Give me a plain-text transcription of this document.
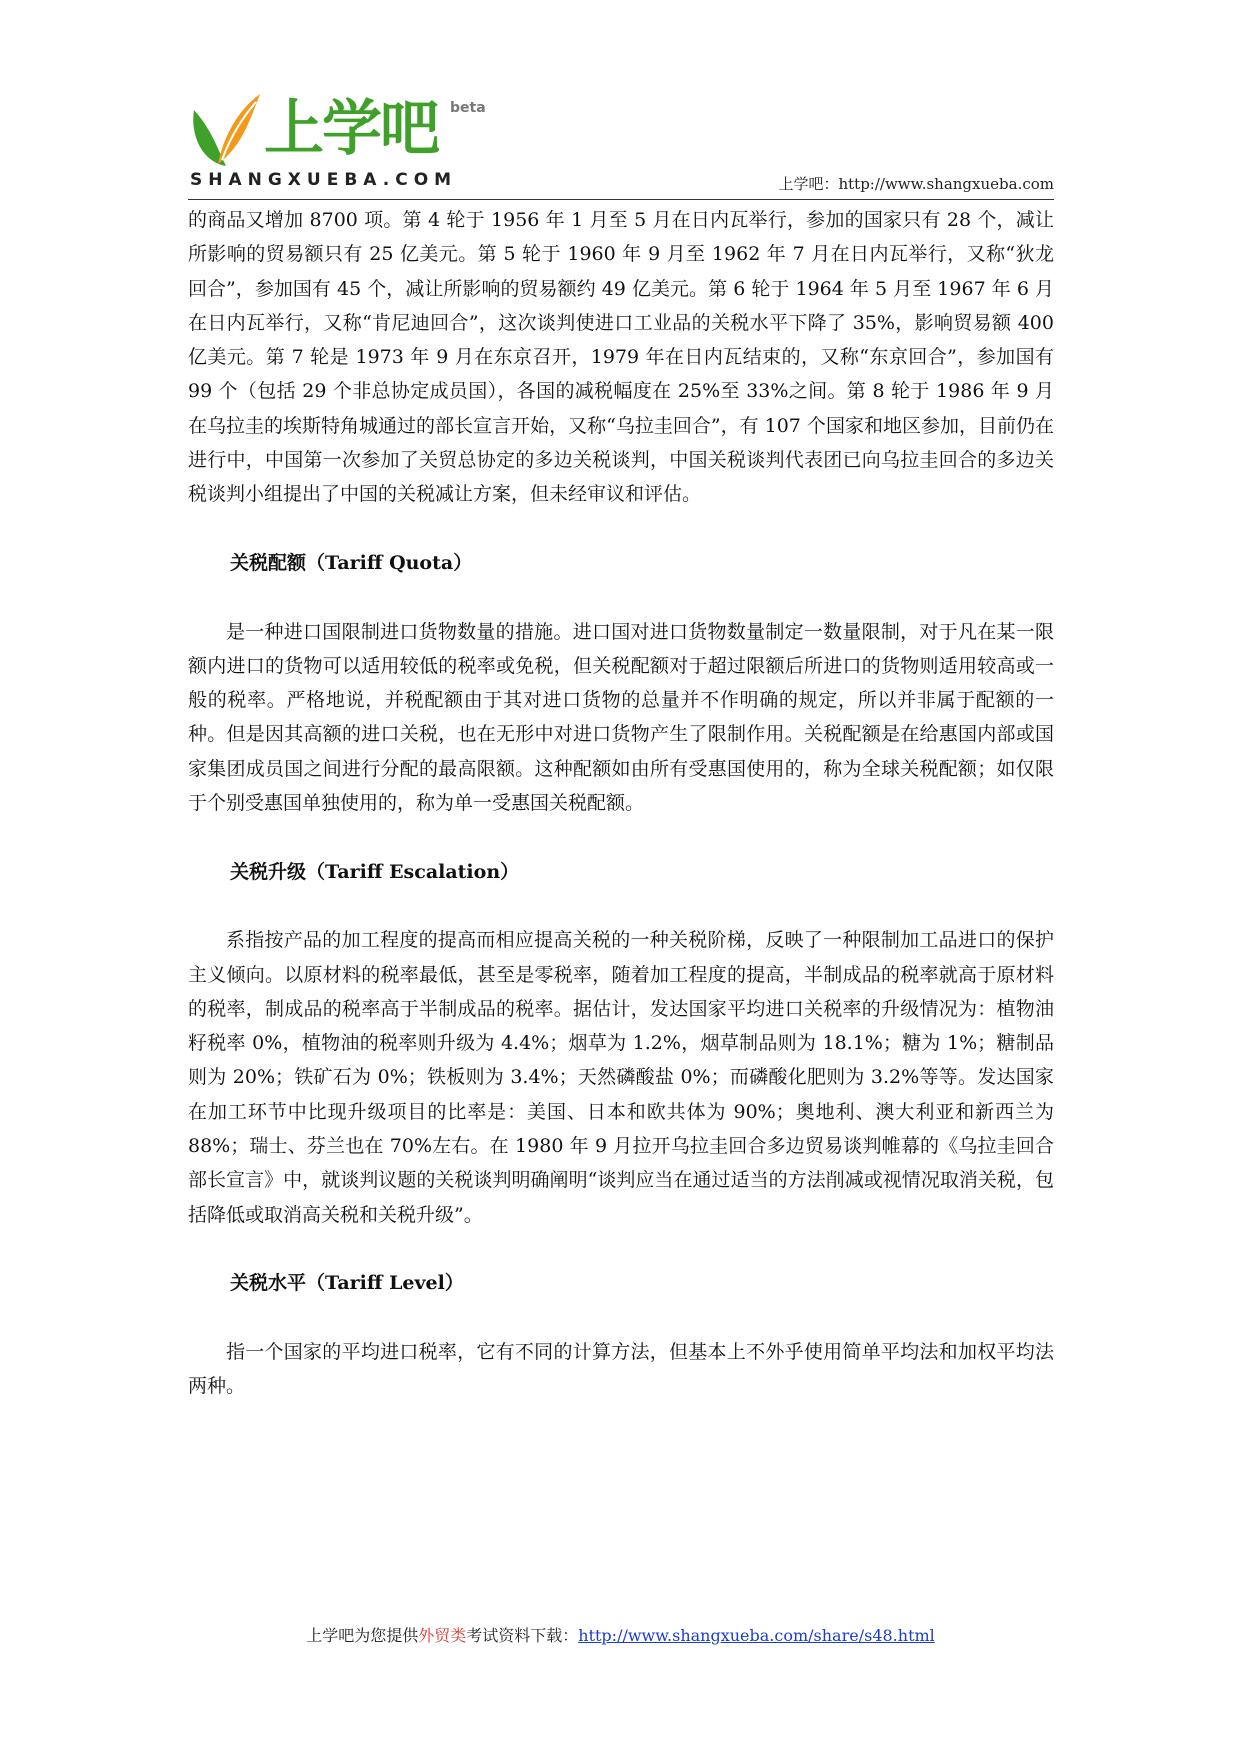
上学吧 beta
SHANGXUEBA.COM	上学吧：http://www.shangxueba.com

的商品又增加 8700 项。第 4 轮于 1956 年 1 月至 5 月在日内瓦举行，参加的国家只有 28 个，减让所影响的贸易额只有 25 亿美元。第 5 轮于 1960 年 9 月至 1962 年 7 月在日内瓦举行，又称“狄龙回合”，参加国有 45 个，减让所影响的贸易额约 49 亿美元。第 6 轮于 1964 年 5 月至 1967 年 6 月在日内瓦举行，又称“肯尼迪回合”，这次谈判使进口工业品的关税水平下降了 35%，影响贸易额 400 亿美元。第 7 轮是 1973 年 9 月在东京召开，1979 年在日内瓦结束的，又称“东京回合”，参加国有 99 个（包括 29 个非总协定成员国），各国的减税幅度在 25%至 33%之间。第 8 轮于 1986 年 9 月在乌拉圭的埃斯特角城通过的部长宣言开始，又称“乌拉圭回合”，有 107 个国家和地区参加，目前仍在进行中，中国第一次参加了关贸总协定的多边关税谈判，中国关税谈判代表团已向乌拉圭回合的多边关税谈判小组提出了中国的关税减让方案，但未经审议和评估。

关税配额（Tariff Quota）

是一种进口国限制进口货物数量的措施。进口国对进口货物数量制定一数量限制，对于凡在某一限额内进口的货物可以适用较低的税率或免税，但关税配额对于超过限额后所进口的货物则适用较高或一般的税率。严格地说，并税配额由于其对进口货物的总量并不作明确的规定，所以并非属于配额的一种。但是因其高额的进口关税，也在无形中对进口货物产生了限制作用。关税配额是在给惠国内部或国家集团成员国之间进行分配的最高限额。这种配额如由所有受惠国使用的，称为全球关税配额；如仅限于个别受惠国单独使用的，称为单一受惠国关税配额。

关税升级（Tariff Escalation）

系指按产品的加工程度的提高而相应提高关税的一种关税阶梯，反映了一种限制加工品进口的保护主义倾向。以原材料的税率最低，甚至是零税率，随着加工程度的提高，半制成品的税率就高于原材料的税率，制成品的税率高于半制成品的税率。据估计，发达国家平均进口关税率的升级情况为：植物油籽税率 0%，植物油的税率则升级为 4.4%；烟草为 1.2%，烟草制品则为 18.1%；糖为 1%；糖制品则为 20%；铁矿石为 0%；铁板则为 3.4%；天然磷酸盐 0%；而磷酸化肥则为 3.2%等等。发达国家在加工环节中比现升级项目的比率是：美国、日本和欧共体为 90%；奥地利、澳大利亚和新西兰为 88%；瑞士、芬兰也在 70%左右。在 1980 年 9 月拉开乌拉圭回合多边贸易谈判帷幕的《乌拉圭回合部长宣言》中，就谈判议题的关税谈判明确阐明“谈判应当在通过适当的方法削减或视情况取消关税，包括降低或取消高关税和关税升级”。

关税水平（Tariff Level）

指一个国家的平均进口税率，它有不同的计算方法，但基本上不外乎使用简单平均法和加权平均法两种。

上学吧为您提供外贸类考试资料下载：http://www.shangxueba.com/share/s48.html
